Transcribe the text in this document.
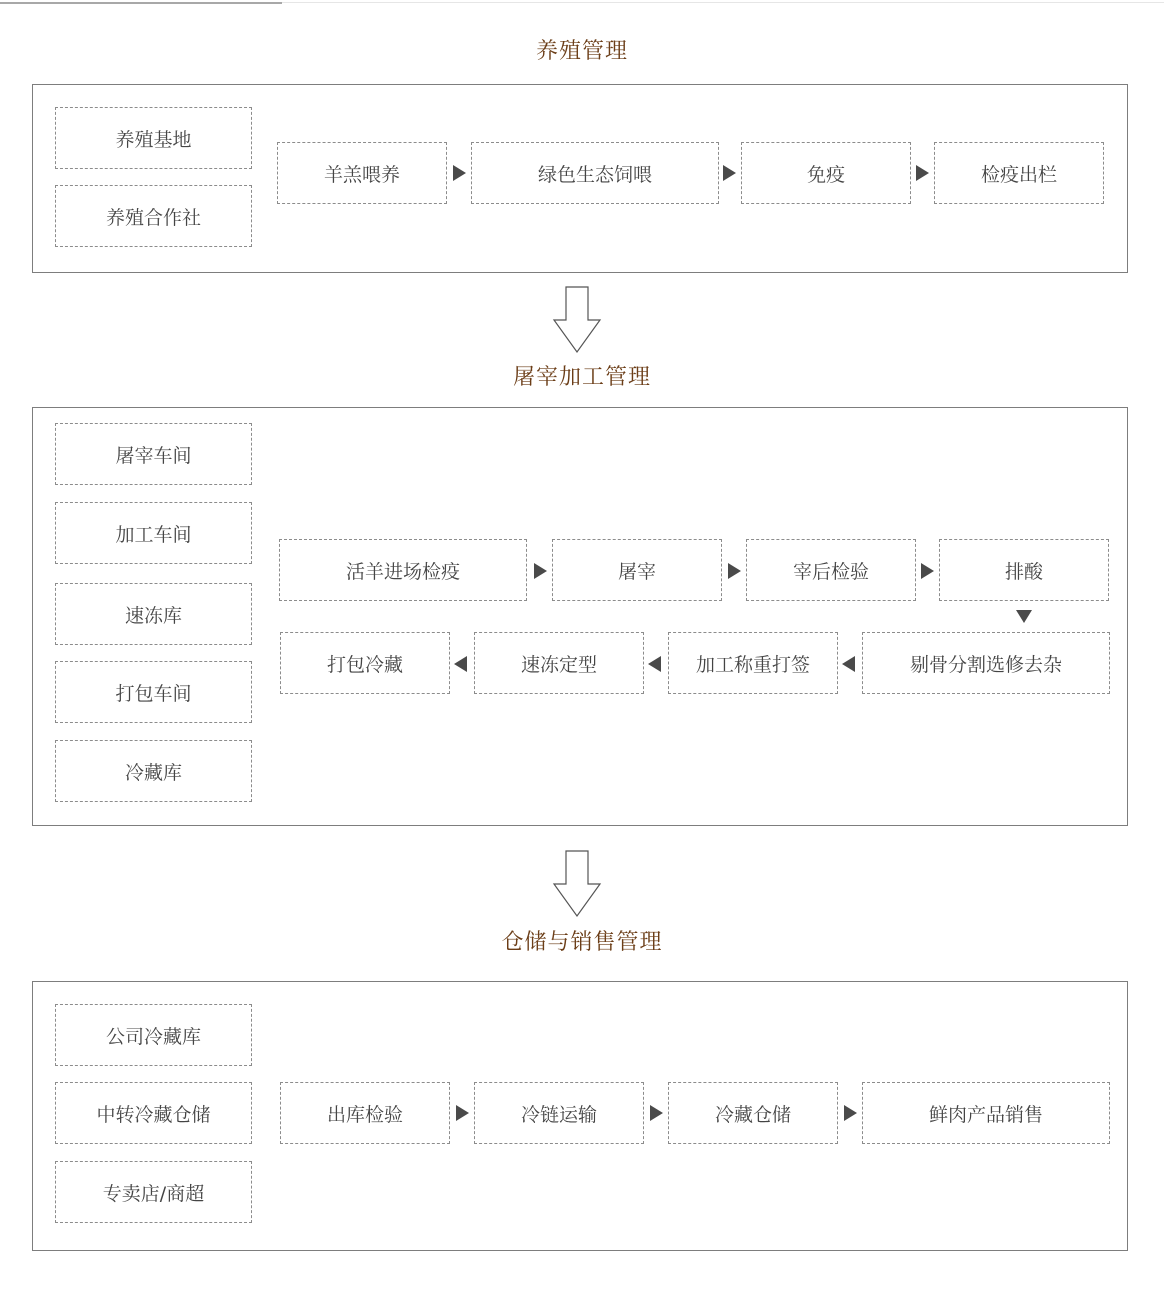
养殖管理
养殖基地
养殖合作社
羊羔喂养	绿色生态饲喂	免疫	检疫出栏
屠宰加工管理
屠宰车间
加工车间
速冻库
打包车间
冷藏库
活羊进场检疫	屠宰	宰后检验	排酸
剔骨分割选修去杂
加工称重打签
速冻定型
打包冷藏
仓储与销售管理
公司冷藏库
中转冷藏仓储
专卖店/商超
出库检验	冷链运输	冷藏仓储	鲜肉产品销售
